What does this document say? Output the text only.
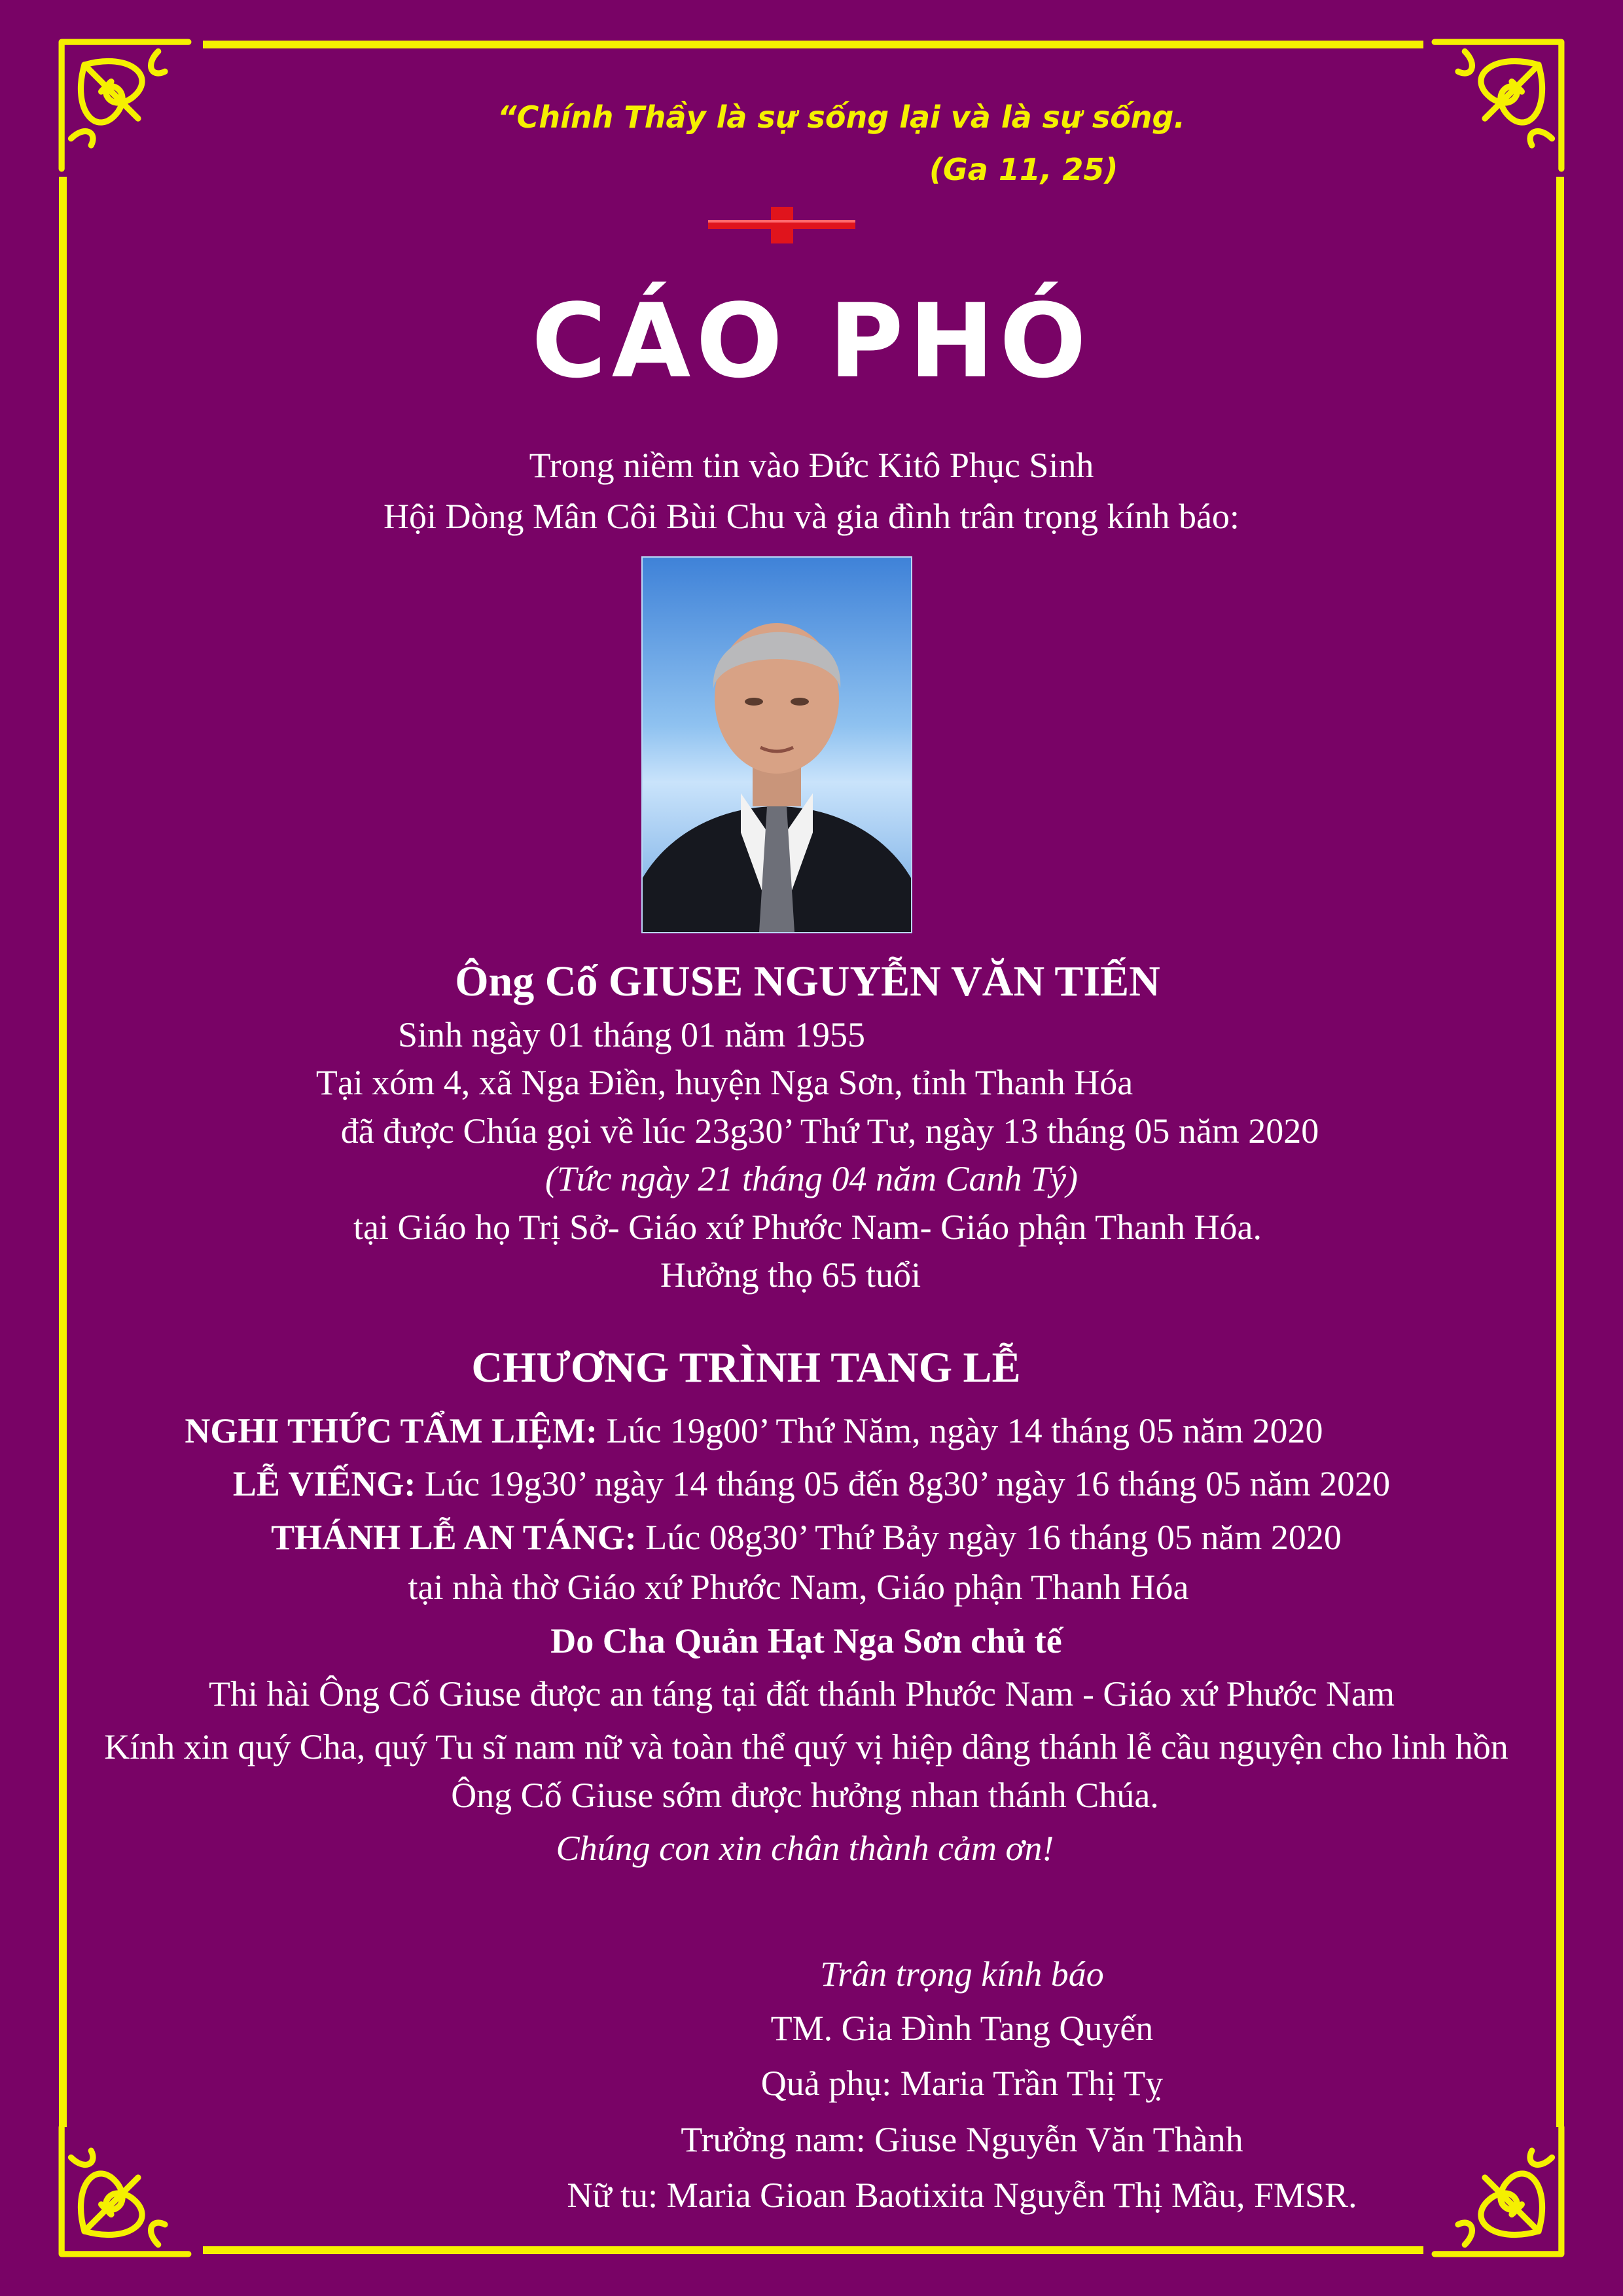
“Chính Thầy là sự sống lại và là sự sống.
(Ga 11, 25)
CÁO PHÓ
Trong niềm tin vào Đức Kitô Phục Sinh
Hội Dòng Mân Côi Bùi Chu và gia đình trân trọng kính báo:
Ông Cố GIUSE NGUYỄN VĂN TIẾN
Sinh ngày 01 tháng 01 năm 1955
Tại xóm 4, xã Nga Điền, huyện Nga Sơn, tỉnh Thanh Hóa
đã được Chúa gọi về lúc 23g30’ Thứ Tư, ngày 13 tháng 05 năm 2020
(Tức ngày 21 tháng 04 năm Canh Tý)
tại Giáo họ Trị Sở- Giáo xứ Phước Nam- Giáo phận Thanh Hóa.
Hưởng thọ 65 tuổi
CHƯƠNG TRÌNH TANG LỄ
NGHI THỨC TẨM LIỆM: Lúc 19g00’ Thứ Năm, ngày 14 tháng 05 năm 2020
LỄ VIẾNG: Lúc 19g30’ ngày 14 tháng 05 đến 8g30’ ngày 16 tháng 05 năm 2020
THÁNH LỄ AN TÁNG: Lúc 08g30’ Thứ Bảy ngày 16 tháng 05 năm 2020
tại nhà thờ Giáo xứ Phước Nam, Giáo phận Thanh Hóa
Do Cha Quản Hạt Nga Sơn chủ tế
Thi hài Ông Cố Giuse được an táng tại đất thánh Phước Nam - Giáo xứ Phước Nam
Kính xin quý Cha, quý Tu sĩ nam nữ và toàn thể quý vị hiệp dâng thánh lễ cầu nguyện cho linh hồn
Ông Cố Giuse sớm được hưởng nhan thánh Chúa.
Chúng con xin chân thành cảm ơn!
Trân trọng kính báo
TM. Gia Đình Tang Quyến
Quả phụ: Maria Trần Thị Tỵ
Trưởng nam: Giuse Nguyễn Văn Thành
Nữ tu: Maria Gioan Baotixita Nguyễn Thị Mầu, FMSR.
